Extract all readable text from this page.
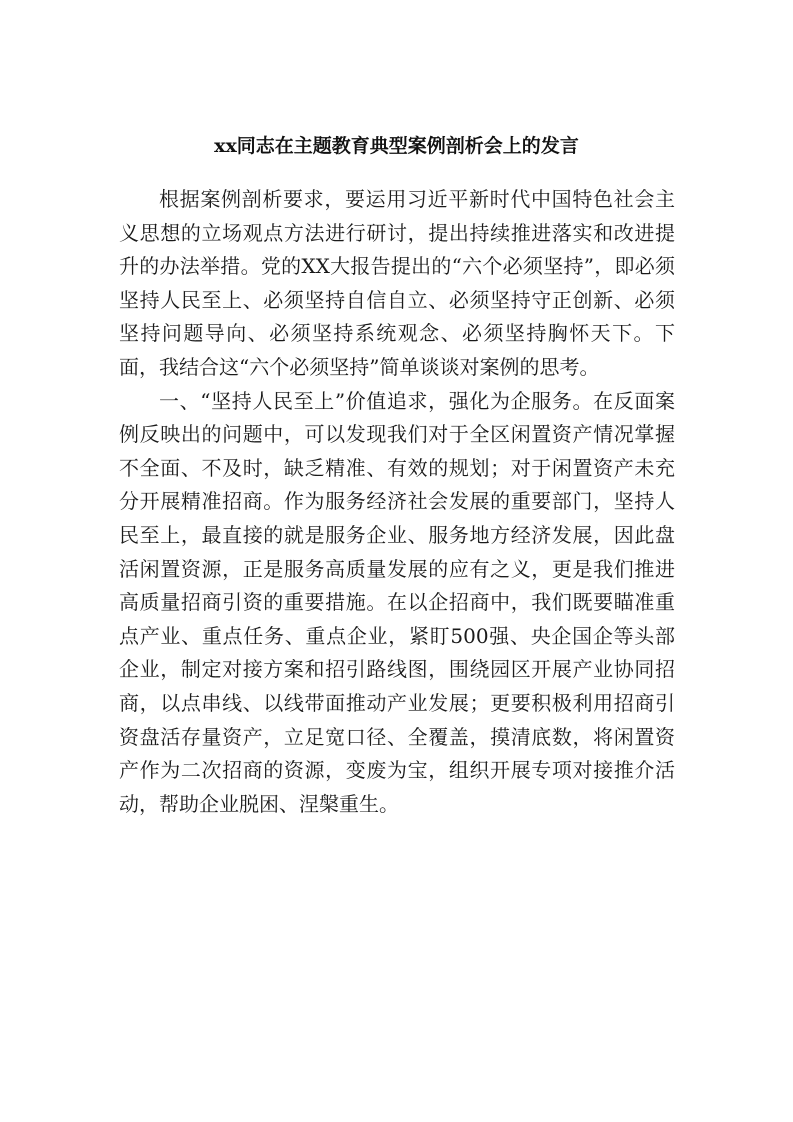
xx同志在主题教育典型案例剖析会上的发言

根据案例剖析要求，要运用习近平新时代中国特色社会主义思想的立场观点方法进行研讨，提出持续推进落实和改进提升的办法举措。党的XX大报告提出的“六个必须坚持”，即必须坚持人民至上、必须坚持自信自立、必须坚持守正创新、必须坚持问题导向、必须坚持系统观念、必须坚持胸怀天下。下面，我结合这“六个必须坚持”简单谈谈对案例的思考。

一、“坚持人民至上”价值追求，强化为企服务。在反面案例反映出的问题中，可以发现我们对于全区闲置资产情况掌握不全面、不及时，缺乏精准、有效的规划；对于闲置资产未充分开展精准招商。作为服务经济社会发展的重要部门，坚持人民至上，最直接的就是服务企业、服务地方经济发展，因此盘活闲置资源，正是服务高质量发展的应有之义，更是我们推进高质量招商引资的重要措施。在以企招商中，我们既要瞄准重点产业、重点任务、重点企业，紧盯500强、央企国企等头部企业，制定对接方案和招引路线图，围绕园区开展产业协同招商，以点串线、以线带面推动产业发展；更要积极利用招商引资盘活存量资产，立足宽口径、全覆盖，摸清底数，将闲置资产作为二次招商的资源，变废为宝，组织开展专项对接推介活动，帮助企业脱困、涅槃重生。
